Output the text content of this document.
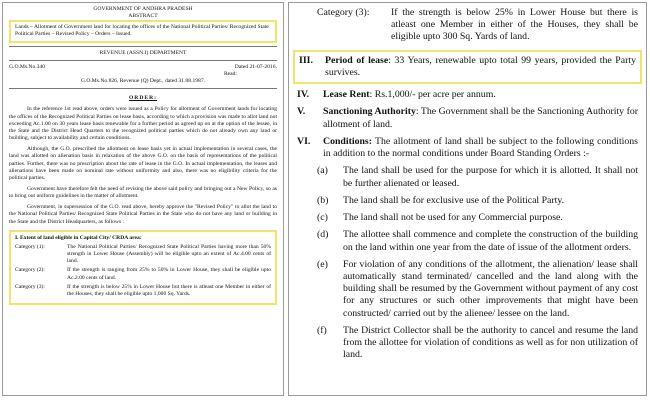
GOVERNMENT OF ANDHRA PRADESH
ABSTRACT
Lands – Allotment of Government land for locating the offices of the National Political Parties/ Recognized State Political Parties – Revised Policy – Orders – Issued.
REVENUE (ASSN.I) DEPARTMENT
G.O.Ms.No.340	Dated 21-07-2016.
Read:
G.O.Ms.No.826, Revenue (Q) Dept., dated 31.08.1987.
ORDER:

In the reference 1st read above, orders were issued as a Policy for allotment of Government lands for locating the offices of the Recognized Political Parties on lease basis, according to which a provision was made to allot land not exceeding Ac.1.00 on 30 years lease basis renewable for a further period as agreed up on at the option of the lessee, in the State and the District Head Quarters to the recognized political parties which do not already own any land or building, subject to availability and certain conditions.

Although, the G.O. prescribed the allotment on lease basis yet in actual implementation in several cases, the land was allotted on alienation basis in relaxation of the above G.O. on the basis of representations of the political parties. Further, there was no prescription about the rate of lease in the G.O. In actual implementation, the leases and alienations have been made on nominal rate without uniformity and also, there was no eligibility criteria for the political parties.

Government have therefore felt the need of revising the above said policy and bringing out a New Policy, so as to bring out uniform guidelines in the matter of allotment.

Government, in supersession of the G.O. read above, hereby approve the "Revised Policy" to allot the land to the National Political Parties/ Recognized State Political Parties in the State who do not have any land or building in the State and the District Headquarters, as follows :

I. Extent of land eligible in Capital City/ CRDA area:
Category (1):	The National Political Parties/ Recognized State Political Parties having more than 50% strength in Lower House (Assembly) will be eligible upto an extent of Ac.4.00 cents of land.
Category (2):	If the strength is ranging from 25% to 50% in Lower House, they shall be eligible upto Ac.2.00 cents of land.
Category (3):	If the strength is below 25% in Lower House but there is atleast one Member in either of the Houses, they shall be eligible upto 1,000 Sq. Yards.
Category (3):	If the strength is below 25% in Lower House but there is atleast one Member in either of the Houses, they shall be eligible upto 300 Sq. Yards of land.
III.	Period of lease: 33 Years, renewable upto total 99 years, provided the Party survives.
IV.	Lease Rent: Rs.1,000/- per acre per annum.
V.	Sanctioning Authority: The Government shall be the Sanctioning Authority for allotment of land.
VI.	Conditions: The allotment of land shall be subject to the following conditions in addition to the normal conditions under Board Standing Orders :-
(a)	The land shall be used for the purpose for which it is allotted. It shall not be further alienated or leased.
(b)	The land shall be for exclusive use of the Political Party.
(c)	The land shall not be used for any Commercial purpose.
(d)	The allottee shall commence and complete the construction of the building on the land within one year from the date of issue of the allotment orders.
(e)	For violation of any conditions of the allotment, the alienation/ lease shall automatically stand terminated/ cancelled and the land along with the building shall be resumed by the Government without payment of any cost for any structures or such other improvements that might have been constructed/ carried out by the alienee/ lessee on the land.
(f)	The District Collector shall be the authority to cancel and resume the land from the allottee for violation of conditions as well as for non utilization of land.
